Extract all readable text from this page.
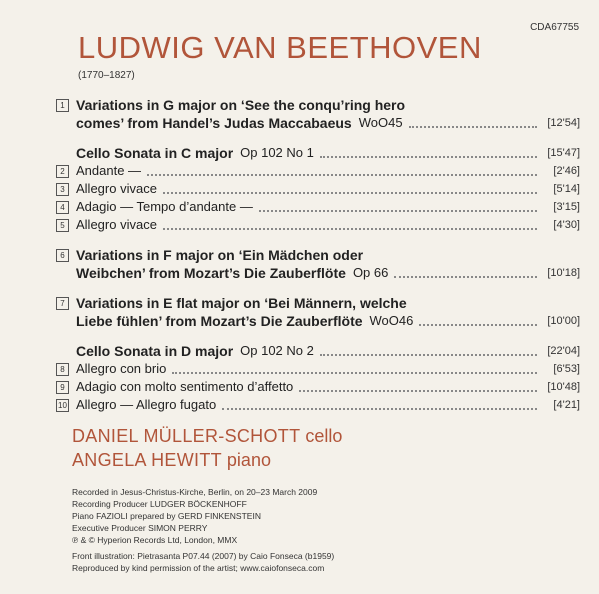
CDA67755
LUDWIG VAN BEETHOVEN
(1770–1827)
1 Variations in G major on ‘See the conqu’ring hero
comes’ from Handel’s Judas Maccabaeus WoO45	[12'54]
Cello Sonata in C major Op 102 No 1	[15'47]
2 Andante —	[2'46]
3 Allegro vivace	[5'14]
4 Adagio — Tempo d’andante —	[3'15]
5 Allegro vivace	[4'30]
6 Variations in F major on ‘Ein Mädchen oder
Weibchen’ from Mozart’s Die Zauberflöte Op 66	[10'18]
7 Variations in E flat major on ‘Bei Männern, welche
Liebe fühlen’ from Mozart’s Die Zauberflöte WoO46	[10'00]
Cello Sonata in D major Op 102 No 2	[22'04]
8 Allegro con brio	[6'53]
9 Adagio con molto sentimento d’affetto	[10'48]
10 Allegro — Allegro fugato	[4'21]
DANIEL MÜLLER-SCHOTT cello
ANGELA HEWITT piano
Recorded in Jesus-Christus-Kirche, Berlin, on 20–23 March 2009
Recording Producer LUDGER BÖCKENHOFF
Piano FAZIOLI prepared by GERD FINKENSTEIN
Executive Producer SIMON PERRY
℗ & © Hyperion Records Ltd, London, MMX
Front illustration: Pietrasanta P07.44 (2007) by Caio Fonseca (b1959)
Reproduced by kind permission of the artist; www.caiofonseca.com
